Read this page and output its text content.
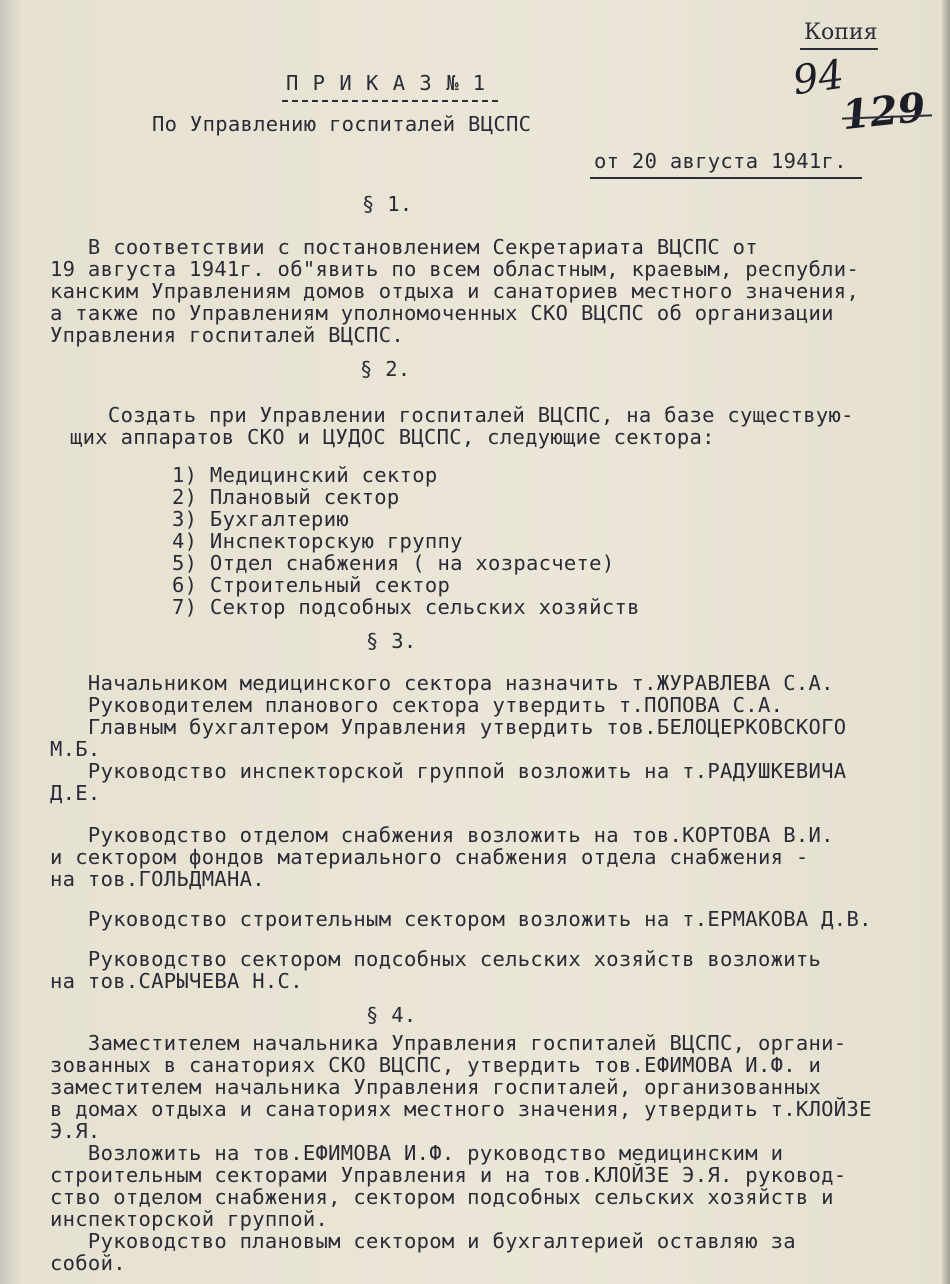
Копия
94
129
П Р И К А З № 1
По Управлению госпиталей ВЦСПС
от 20 августа 1941г.
§ 1.
В соответствии с постановлением Секретариата ВЦСПС от
19 августа 1941г. об"явить по всем областным, краевым, республи-
канским Управлениям домов отдыха и санаториев местного значения,
а также по Управлениям уполномоченных СКО ВЦСПС об организации
Управления госпиталей ВЦСПС.
§ 2.
Создать при Управлении госпиталей ВЦСПС, на базе существую-
щих аппаратов СКО и ЦУДОС ВЦСПС, следующие сектора:
1) Медицинский сектор
2) Плановый сектор
3) Бухгалтерию
4) Инспекторскую группу
5) Отдел снабжения ( на хозрасчете)
6) Строительный сектор
7) Сектор подсобных сельских хозяйств
§ 3.
Начальником медицинского сектора назначить т.ЖУРАВЛЕВА С.А.
Руководителем планового сектора утвердить т.ПОПОВА С.А.
Главным бухгалтером Управления утвердить тов.БЕЛОЦЕРКОВСКОГО
М.Б.
Руководство инспекторской группой возложить на т.РАДУШКЕВИЧА
Д.Е.
Руководство отделом снабжения возложить на тов.КОРТОВА В.И.
и сектором фондов материального снабжения отдела снабжения -
на тов.ГОЛЬДМАНА.
Руководство строительным сектором возложить на т.ЕРМАКОВА Д.В.
Руководство сектором подсобных сельских хозяйств возложить
на тов.САРЫЧЕВА Н.С.
§ 4.
Заместителем начальника Управления госпиталей ВЦСПС, органи-
зованных в санаториях СКО ВЦСПС, утвердить тов.ЕФИМОВА И.Ф. и
заместителем начальника Управления госпиталей, организованных
в домах отдыха и санаториях местного значения, утвердить т.КЛОЙЗЕ
Э.Я.
Возложить на тов.ЕФИМОВА И.Ф. руководство медицинским и
строительным секторами Управления и на тов.КЛОЙЗЕ Э.Я. руковод-
ство отделом снабжения, сектором подсобных сельских хозяйств и
инспекторской группой.
Руководство плановым сектором и бухгалтерией оставляю за
собой.
